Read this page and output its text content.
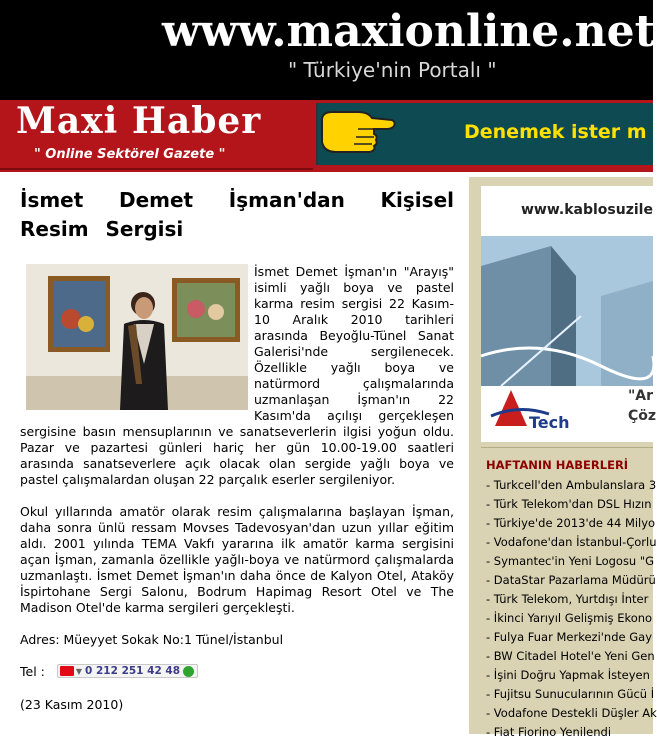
www.maxionline.net
" Türkiye'nin Portalı "
Maxi Haber
" Online Sektörel Gazete "
Denemek ister m
İsmet Demet İşman'dan Kişisel Resim Sergisi

İsmet Demet İşman'ın "Arayış" isimli yağlı boya ve pastel karma resim sergisi 22 Kasım-10 Aralık 2010 tarihleri arasında Beyoğlu-Tünel Sanat Galerisi'nde sergilenecek. Özellikle yağlı boya ve natürmord çalışmalarında uzmanlaşan İşman'ın 22 Kasım'da açılışı gerçekleşen sergisine basın mensuplarının ve sanatseverlerin ilgisi yoğun oldu. Pazar ve pazartesi günleri hariç her gün 10.00-19.00 saatleri arasında sanatseverlere açık olacak olan sergide yağlı boya ve pastel çalışmalardan oluşan 22 parçalık eserler sergileniyor.

Okul yıllarında amatör olarak resim çalışmalarına başlayan İşman, daha sonra ünlü ressam Movses Tadevosyan'dan uzun yıllar eğitim aldı. 2001 yılında TEMA Vakfı yararına ilk amatör karma sergisini açan İşman, zamanla özellikle yağlı-boya ve natürmord çalışmalarda uzmanlaştı. İsmet Demet İşman'ın daha önce de Kalyon Otel, Ataköy İspirtohane Sergi Salonu, Bodrum Hapimag Resort Otel ve The Madison Otel'de karma sergileri gerçekleşti.

Adres: Müeyyet Sokak No:1 Tünel/İstanbul
Tel :	▼ 0 212 251 42 48
(23 Kasım 2010)
www.kablosuzile
Tech
"Ar
Çöz
HAFTANIN HABERLERİ
- Turkcell'den Ambulanslara 3
- Türk Telekom'dan DSL Hızın
- Türkiye'de 2013'de 44 Milyo
- Vodafone'dan İstanbul-Çorlu
- Symantec'in Yeni Logosu "G
- DataStar Pazarlama Müdürü
- Türk Telekom, Yurtdışı İnter
- İkinci Yarıyıl Gelişmiş Ekono
- Fulya Fuar Merkezi'nde Gay
- BW Citadel Hotel'e Yeni Gen
- İşini Doğru Yapmak İsteyen
- Fujitsu Sunucularının Gücü İ
- Vodafone Destekli Düşler Ak
- Fiat Fiorino Yenilendi
